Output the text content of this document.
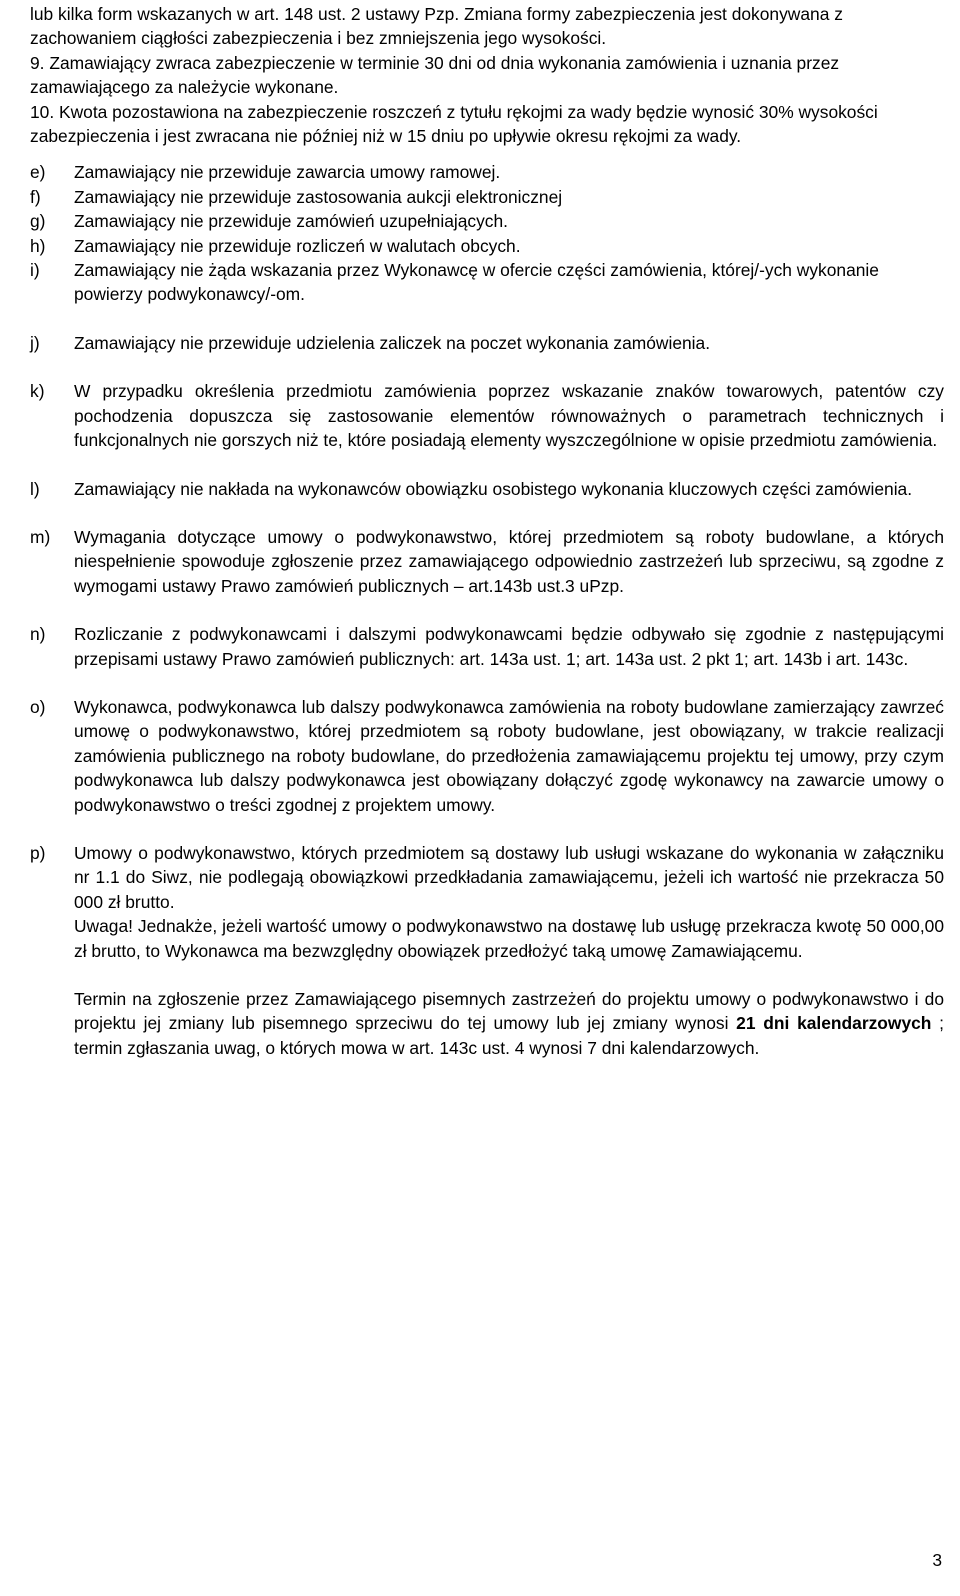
lub kilka form wskazanych w art. 148 ust. 2 ustawy Pzp. Zmiana formy zabezpieczenia jest dokonywana z zachowaniem ciągłości zabezpieczenia i bez zmniejszenia jego wysokości.

9. Zamawiający zwraca zabezpieczenie w terminie 30 dni od dnia wykonania zamówienia i uznania przez zamawiającego za należycie wykonane.

10. Kwota pozostawiona na zabezpieczenie roszczeń z tytułu rękojmi za wady będzie wynosić 30% wysokości zabezpieczenia i jest zwracana nie później niż w 15 dniu po upływie okresu rękojmi za wady.

e)	Zamawiający nie przewiduje zawarcia umowy ramowej.
f)	Zamawiający nie przewiduje zastosowania aukcji elektronicznej
g)	Zamawiający nie przewiduje zamówień uzupełniających.
h)	Zamawiający nie przewiduje rozliczeń w walutach obcych.
i)	Zamawiający nie żąda wskazania przez Wykonawcę w ofercie części zamówienia, której/-ych wykonanie powierzy podwykonawcy/-om.
j)	Zamawiający nie przewiduje udzielenia zaliczek na poczet wykonania zamówienia.
k)	W przypadku określenia przedmiotu zamówienia poprzez wskazanie znaków towarowych, patentów czy pochodzenia dopuszcza się zastosowanie elementów równoważnych o parametrach technicznych i funkcjonalnych nie gorszych niż te, które posiadają elementy wyszczególnione w opisie przedmiotu zamówienia.
l)	Zamawiający nie nakłada na wykonawców obowiązku osobistego wykonania kluczowych części zamówienia.
m)	Wymagania dotyczące umowy o podwykonawstwo, której przedmiotem są roboty budowlane, a których niespełnienie spowoduje zgłoszenie przez zamawiającego odpowiednio zastrzeżeń lub sprzeciwu, są zgodne z wymogami ustawy Prawo zamówień publicznych – art.143b ust.3 uPzp.
n)	Rozliczanie z podwykonawcami i dalszymi podwykonawcami będzie odbywało się zgodnie z następującymi przepisami ustawy Prawo zamówień publicznych: art. 143a ust. 1; art. 143a ust. 2 pkt 1; art. 143b i art. 143c.
o)	Wykonawca, podwykonawca lub dalszy podwykonawca zamówienia na roboty budowlane zamierzający zawrzeć umowę o podwykonawstwo, której przedmiotem są roboty budowlane, jest obowiązany, w trakcie realizacji zamówienia publicznego na roboty budowlane, do przedłożenia zamawiającemu projektu tej umowy, przy czym podwykonawca lub dalszy podwykonawca jest obowiązany dołączyć zgodę wykonawcy na zawarcie umowy o podwykonawstwo o treści zgodnej z projektem umowy.
p)	Umowy o podwykonawstwo, których przedmiotem są dostawy lub usługi wskazane do wykonania w załączniku nr 1.1 do Siwz, nie podlegają obowiązkowi przedkładania zamawiającemu, jeżeli ich wartość nie przekracza 50 000 zł brutto.

Uwaga! Jednakże, jeżeli wartość umowy o podwykonawstwo na dostawę lub usługę przekracza kwotę 50 000,00 zł brutto, to Wykonawca ma bezwzględny obowiązek przedłożyć taką umowę Zamawiającemu.

Termin na zgłoszenie przez Zamawiającego pisemnych zastrzeżeń do projektu umowy o podwykonawstwo i do projektu jej zmiany lub pisemnego sprzeciwu do tej umowy lub jej zmiany wynosi 21 dni kalendarzowych ; termin zgłaszania uwag, o których mowa w art. 143c ust. 4 wynosi 7 dni kalendarzowych.

3
